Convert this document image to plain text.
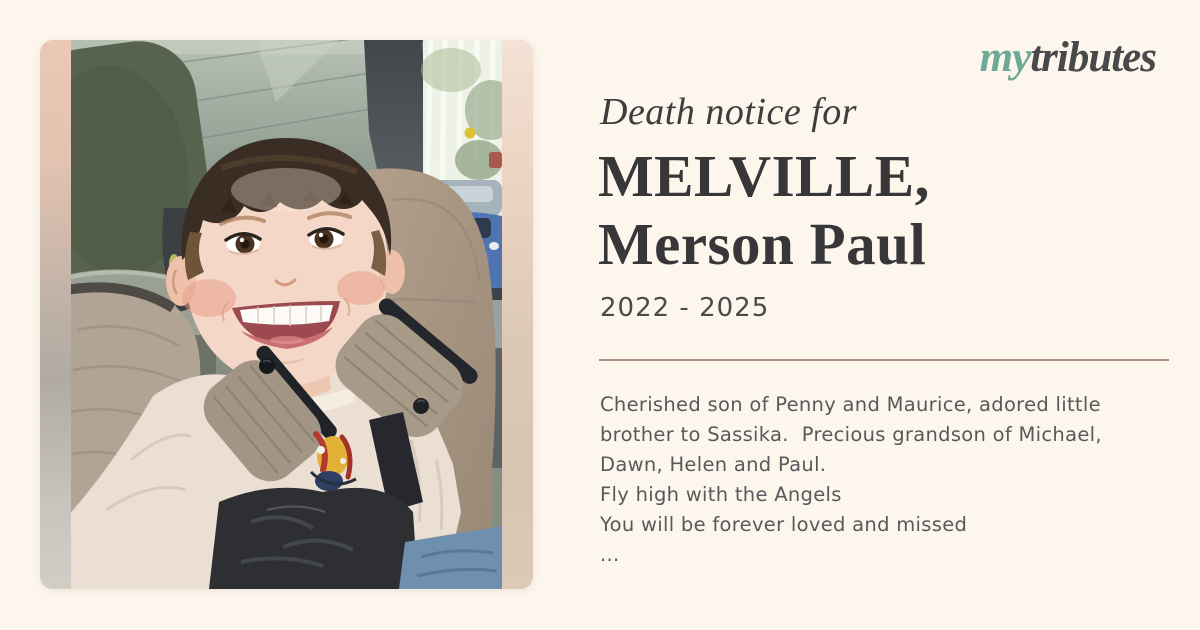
mytributes
Death notice for
MELVILLE,
Merson Paul
2022 - 2025
Cherished son of Penny and Maurice, adored little
brother to Sassika.  Precious grandson of Michael,
Dawn, Helen and Paul.
Fly high with the Angels
You will be forever loved and missed
...
